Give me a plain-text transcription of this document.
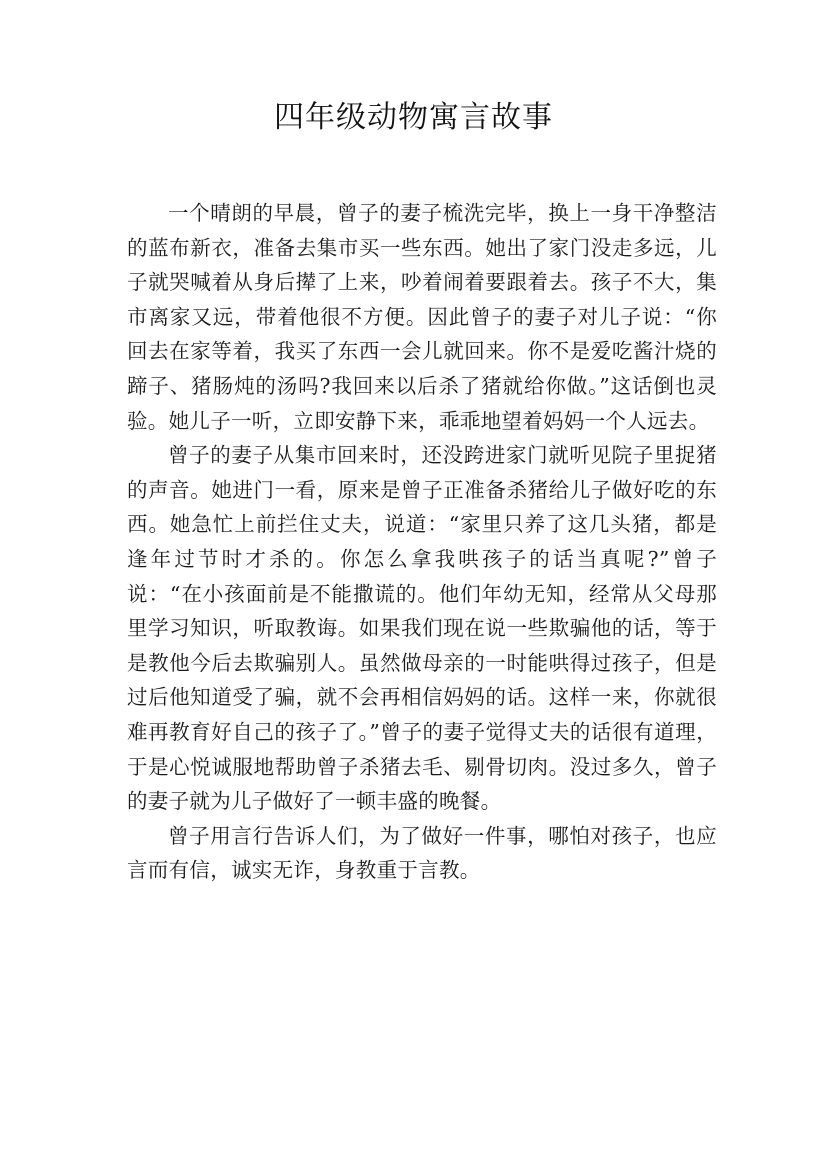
四年级动物寓言故事

一个晴朗的早晨，曾子的妻子梳洗完毕，换上一身干净整洁的蓝布新衣，准备去集市买一些东西。她出了家门没走多远，儿子就哭喊着从身后撵了上来，吵着闹着要跟着去。孩子不大，集市离家又远，带着他很不方便。因此曾子的妻子对儿子说：“你回去在家等着，我买了东西一会儿就回来。你不是爱吃酱汁烧的蹄子、猪肠炖的汤吗?我回来以后杀了猪就给你做。”这话倒也灵验。她儿子一听，立即安静下来，乖乖地望着妈妈一个人远去。

曾子的妻子从集市回来时，还没跨进家门就听见院子里捉猪的声音。她进门一看，原来是曾子正准备杀猪给儿子做好吃的东西。她急忙上前拦住丈夫，说道：“家里只养了这几头猪，都是逢年过节时才杀的。你怎么拿我哄孩子的话当真呢?”曾子说：“在小孩面前是不能撒谎的。他们年幼无知，经常从父母那里学习知识，听取教诲。如果我们现在说一些欺骗他的话，等于是教他今后去欺骗别人。虽然做母亲的一时能哄得过孩子，但是过后他知道受了骗，就不会再相信妈妈的话。这样一来，你就很难再教育好自己的孩子了。”曾子的妻子觉得丈夫的话很有道理，于是心悦诚服地帮助曾子杀猪去毛、剔骨切肉。没过多久，曾子的妻子就为儿子做好了一顿丰盛的晚餐。

曾子用言行告诉人们，为了做好一件事，哪怕对孩子，也应言而有信，诚实无诈，身教重于言教。
